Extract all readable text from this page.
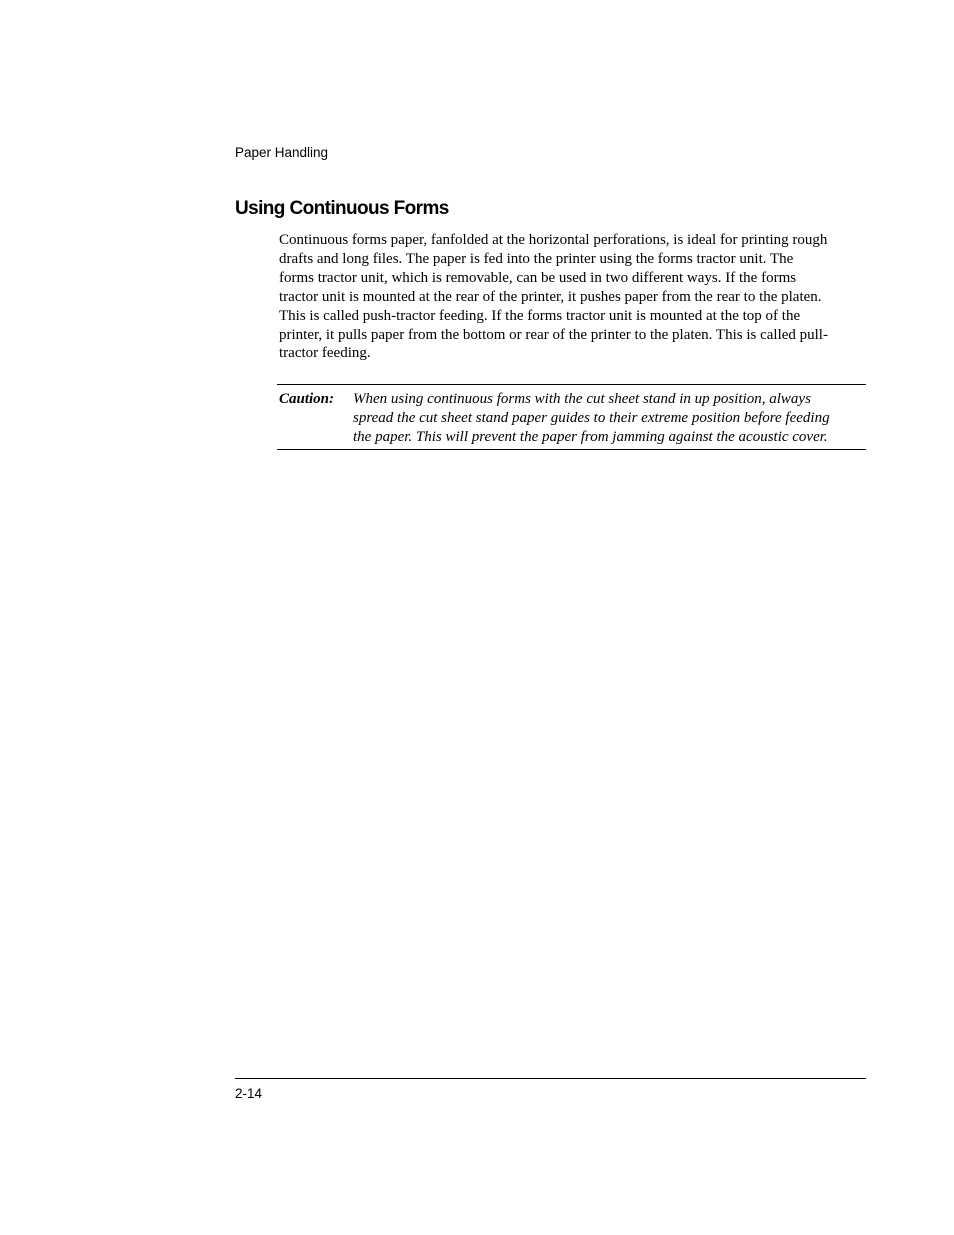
Paper Handling
Using Continuous Forms

Continuous forms paper, fanfolded at the horizontal perforations, is ideal for printing rough
drafts and long files. The paper is fed into the printer using the forms tractor unit. The
forms tractor unit, which is removable, can be used in two different ways. If the forms
tractor unit is mounted at the rear of the printer, it pushes paper from the rear to the platen.
This is called push-tractor feeding. If the forms tractor unit is mounted at the top of the
printer, it pulls paper from the bottom or rear of the printer to the platen. This is called pull-
tractor feeding.

Caution: When using continuous forms with the cut sheet stand in up position, always
spread the cut sheet stand paper guides to their extreme position before feeding
the paper. This will prevent the paper from jamming against the acoustic cover.
2-14
